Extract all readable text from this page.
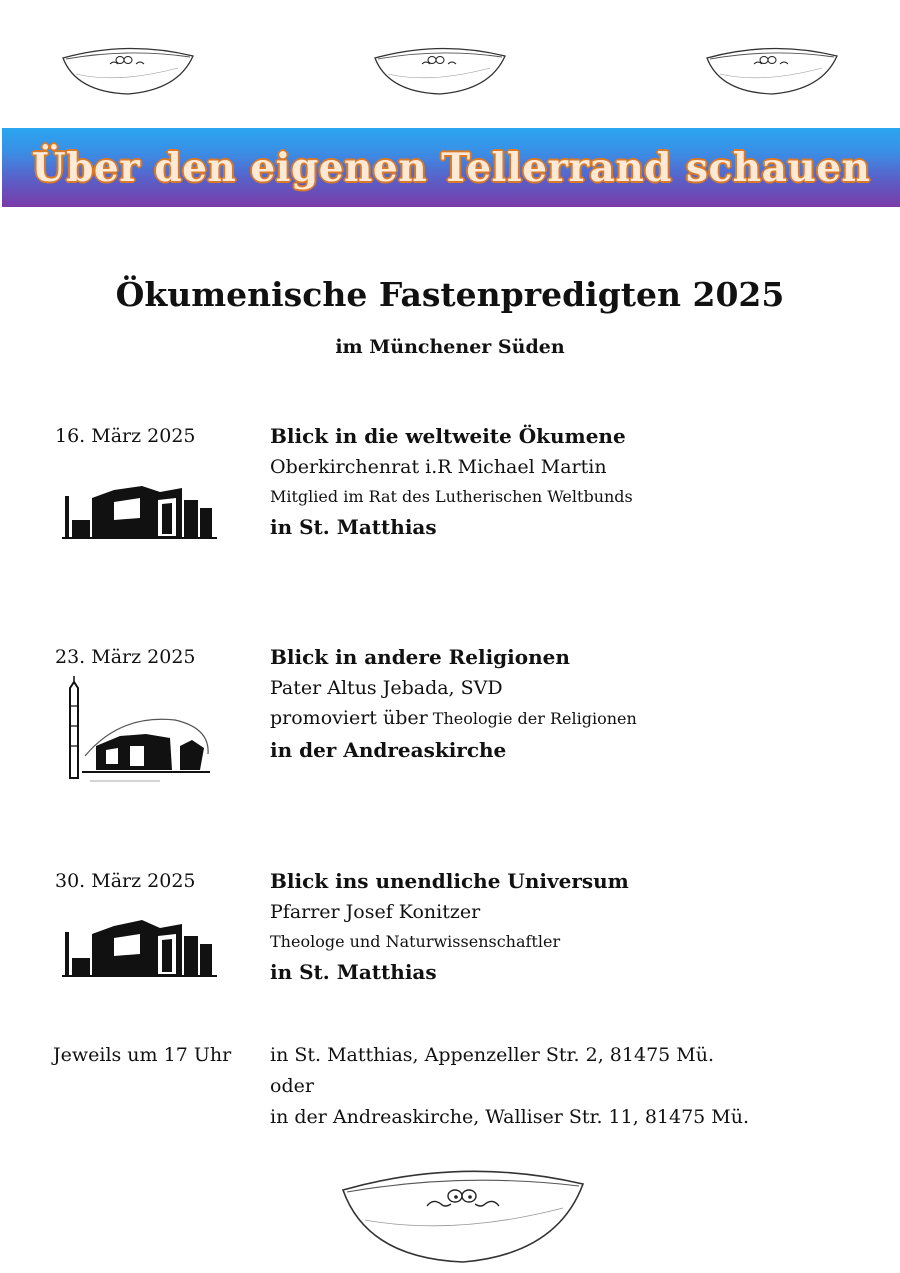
Über den eigenen Tellerrand schauen
Ökumenische Fastenpredigten 2025
im Münchener Süden
16. März 2025	Blick in die weltweite Ökumene
Oberkirchenrat i.R Michael Martin
Mitglied im Rat des Lutherischen Weltbunds
in St. Matthias
23. März 2025	Blick in andere Religionen
Pater Altus Jebada, SVD
promoviert über Theologie der Religionen
in der Andreaskirche
30. März 2025	Blick ins unendliche Universum
Pfarrer Josef Konitzer
Theologe und Naturwissenschaftler
in St. Matthias
Jeweils um 17 Uhr in St. Matthias, Appenzeller Str. 2, 81475 Mü.
oder
in der Andreaskirche, Walliser Str. 11, 81475 Mü.
